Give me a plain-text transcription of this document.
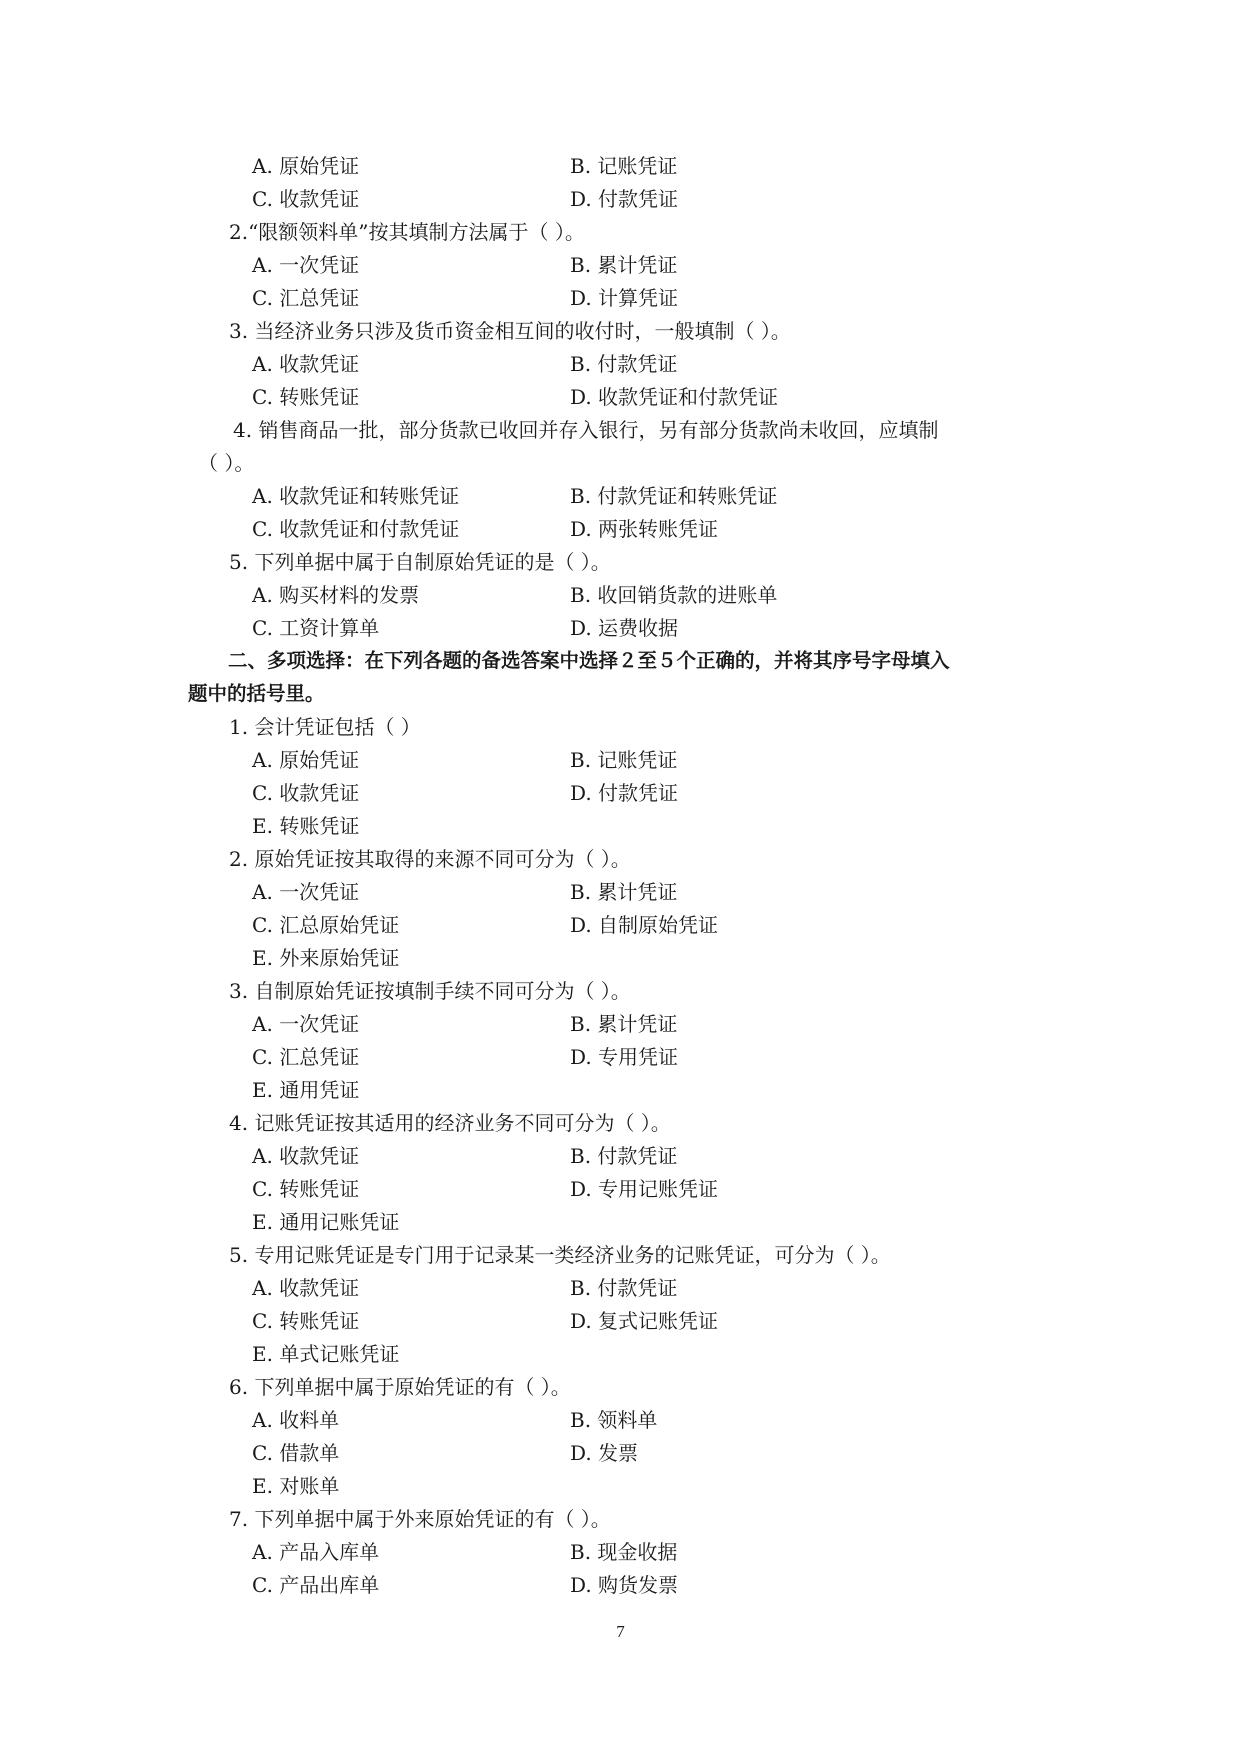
A. 原始凭证	B. 记账凭证
C. 收款凭证	D. 付款凭证
2.“限额领料单”按其填制方法属于（ ）。
A. 一次凭证	B. 累计凭证
C. 汇总凭证	D. 计算凭证
3. 当经济业务只涉及货币资金相互间的收付时，一般填制（ ）。
A. 收款凭证	B. 付款凭证
C. 转账凭证	D. 收款凭证和付款凭证
4. 销售商品一批，部分货款已收回并存入银行，另有部分货款尚未收回，应填制
（ ）。
A. 收款凭证和转账凭证	B. 付款凭证和转账凭证
C. 收款凭证和付款凭证	D. 两张转账凭证
5. 下列单据中属于自制原始凭证的是（ ）。
A. 购买材料的发票	B. 收回销货款的进账单
C. 工资计算单	D. 运费收据
二、多项选择：在下列各题的备选答案中选择２至５个正确的，并将其序号字母填入
题中的括号里。
1. 会计凭证包括（ ）
A. 原始凭证	B. 记账凭证
C. 收款凭证	D. 付款凭证
E. 转账凭证
2. 原始凭证按其取得的来源不同可分为（ ）。
A. 一次凭证	B. 累计凭证
C. 汇总原始凭证	D. 自制原始凭证
E. 外来原始凭证
3. 自制原始凭证按填制手续不同可分为（ ）。
A. 一次凭证	B. 累计凭证
C. 汇总凭证	D. 专用凭证
E. 通用凭证
4. 记账凭证按其适用的经济业务不同可分为（ ）。
A. 收款凭证	B. 付款凭证
C. 转账凭证	D. 专用记账凭证
E. 通用记账凭证
5. 专用记账凭证是专门用于记录某一类经济业务的记账凭证，可分为（ ）。
A. 收款凭证	B. 付款凭证
C. 转账凭证	D. 复式记账凭证
E. 单式记账凭证
6. 下列单据中属于原始凭证的有（ ）。
A. 收料单	B. 领料单
C. 借款单	D. 发票
E. 对账单
7. 下列单据中属于外来原始凭证的有（ ）。
A. 产品入库单	B. 现金收据
C. 产品出库单	D. 购货发票
7
